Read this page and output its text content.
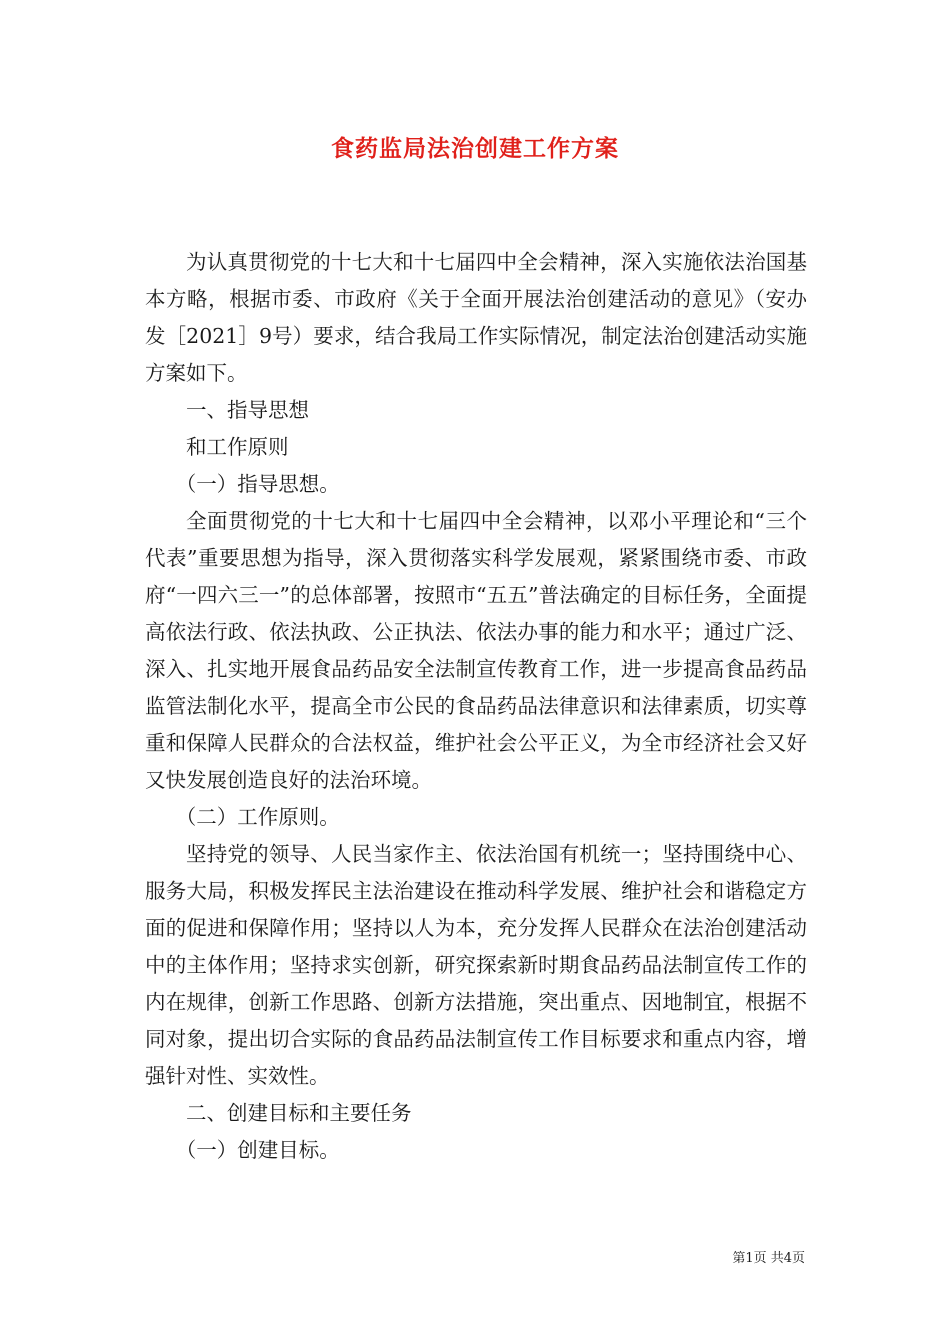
食药监局法治创建工作方案

为认真贯彻党的十七大和十七届四中全会精神，深入实施依法治国基本方略，根据市委、市政府《关于全面开展法治创建活动的意见》（安办发［2021］9号）要求，结合我局工作实际情况，制定法治创建活动实施方案如下。

一、指导思想

和工作原则

（一）指导思想。

全面贯彻党的十七大和十七届四中全会精神，以邓小平理论和“三个代表”重要思想为指导，深入贯彻落实科学发展观，紧紧围绕市委、市政府“一四六三一”的总体部署，按照市“五五”普法确定的目标任务，全面提高依法行政、依法执政、公正执法、依法办事的能力和水平；通过广泛、深入、扎实地开展食品药品安全法制宣传教育工作，进一步提高食品药品监管法制化水平，提高全市公民的食品药品法律意识和法律素质，切实尊重和保障人民群众的合法权益，维护社会公平正义，为全市经济社会又好又快发展创造良好的法治环境。

（二）工作原则。

坚持党的领导、人民当家作主、依法治国有机统一；坚持围绕中心、服务大局，积极发挥民主法治建设在推动科学发展、维护社会和谐稳定方面的促进和保障作用；坚持以人为本，充分发挥人民群众在法治创建活动中的主体作用；坚持求实创新，研究探索新时期食品药品法制宣传工作的内在规律，创新工作思路、创新方法措施，突出重点、因地制宜，根据不同对象，提出切合实际的食品药品法制宣传工作目标要求和重点内容，增强针对性、实效性。

二、创建目标和主要任务

（一）创建目标。

第1页 共4页
